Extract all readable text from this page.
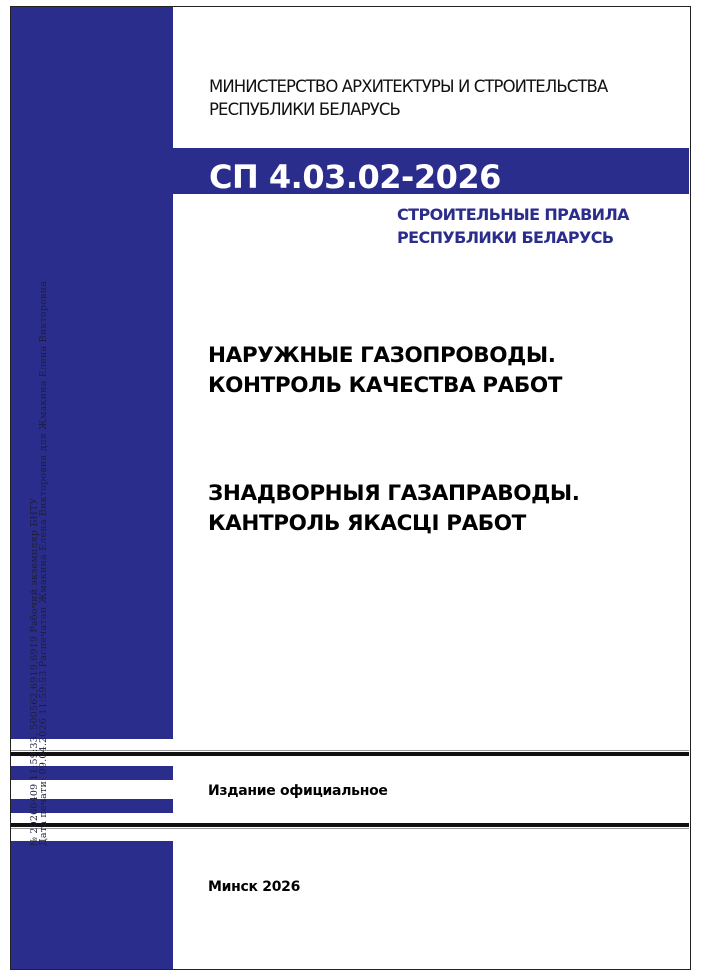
МИНИСТЕРСТВО АРХИТЕКТУРЫ И СТРОИТЕЛЬСТВА
РЕСПУБЛИКИ БЕЛАРУСЬ
СП 4.03.02-2026
СТРОИТЕЛЬНЫЕ ПРАВИЛА
РЕСПУБЛИКИ БЕЛАРУСЬ
НАРУЖНЫЕ ГАЗОПРОВОДЫ.
КОНТРОЛЬ КАЧЕСТВА РАБОТ
ЗНАДВОРНЫЯ ГАЗАПРАВОДЫ.
КАНТРОЛЬ ЯКАСЦІ РАБОТ
Издание официальное
Минск 2026
№ 20260409 11:59:33, 500562,6919,6919 Рабочий экземпляр БНТУ
Дата печати: 09.04.2026 11:59:53 Распечатан Жмакина Елена Викторовна для Жмакина Елена Викторовна
